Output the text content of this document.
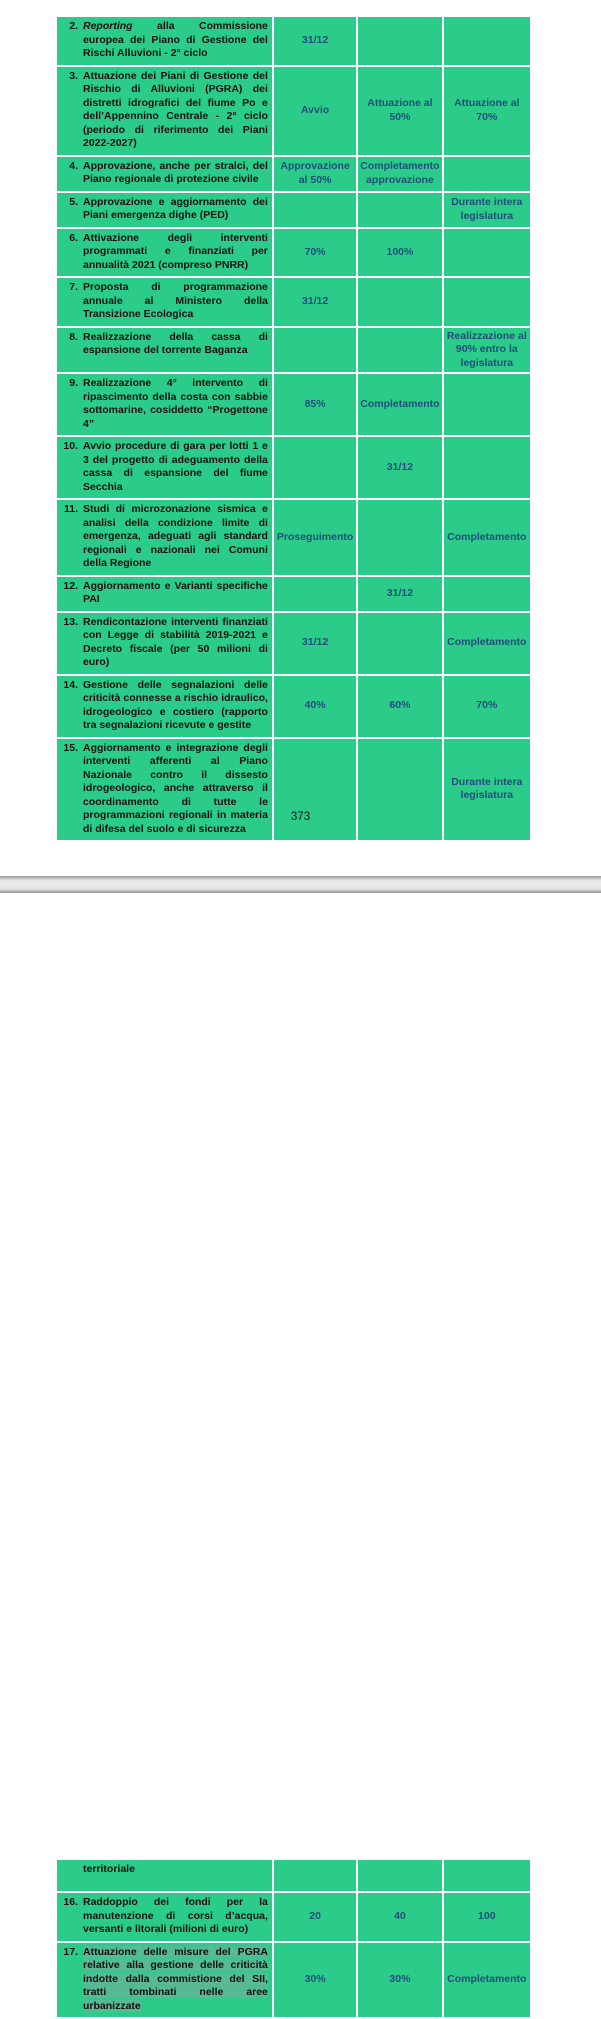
2. Reporting alla Commissione europea dei Piano di Gestione del Rischi Alluvioni - 2° ciclo	31/12		

3. Attuazione dei Piani di Gestione del Rischio di Alluvioni (PGRA) dei distretti idrografici del fiume Po e dell’Appennino Centrale - 2° ciclo (periodo di riferimento dei Piani 2022-2027)	Avvio	Attuazione al 50%	Attuazione al 70%

4. Approvazione, anche per stralci, del Piano regionale di protezione civile	Approvazione al 50%	Completamento approvazione	

5. Approvazione e aggiornamento dei Piani emergenza dighe (PED)			Durante intera legislatura

6. Attivazione degli interventi programmati e finanziati per annualità 2021 (compreso PNRR)	70%	100%	

7. Proposta di programmazione annuale al Ministero della Transizione Ecologica	31/12		

8. Realizzazione della cassa di espansione del torrente Baganza			Realizzazione al 90% entro la legislatura

9. Realizzazione 4° intervento di ripascimento della costa con sabbie sottomarine, cosiddetto “Progettone 4”	85%	Completamento	

10. Avvio procedure di gara per lotti 1 e 3 del progetto di adeguamento della cassa di espansione del fiume Secchia		31/12	

11. Studi di microzonazione sismica e analisi della condizione limite di emergenza, adeguati agli standard regionali e nazionali nei Comuni della Regione	Proseguimento		Completamento

12. Aggiornamento e Varianti specifiche PAI		31/12	

13. Rendicontazione interventi finanziati con Legge di stabilità 2019-2021 e Decreto fiscale (per 50 milioni di euro)	31/12		Completamento

14. Gestione delle segnalazioni delle criticità connesse a rischio idraulico, idrogeologico e costiero (rapporto tra segnalazioni ricevute e gestite	40%	60%	70%

15. Aggiornamento e integrazione degli interventi afferenti al Piano Nazionale contro il dissesto idrogeologico, anche attraverso il coordinamento di tutte le programmazioni regionali in materia di difesa del suolo e di sicurezza			Durante intera legislatura
373
territoriale			

16. Raddoppio dei fondi per la manutenzione di corsi d’acqua, versanti e litorali (milioni di euro)	20	40	100

17. Attuazione delle misure del PGRA relative alla gestione delle criticità indotte dalla commistione del SII, tratti tombinati nelle aree urbanizzate	30%	30%	Completamento
